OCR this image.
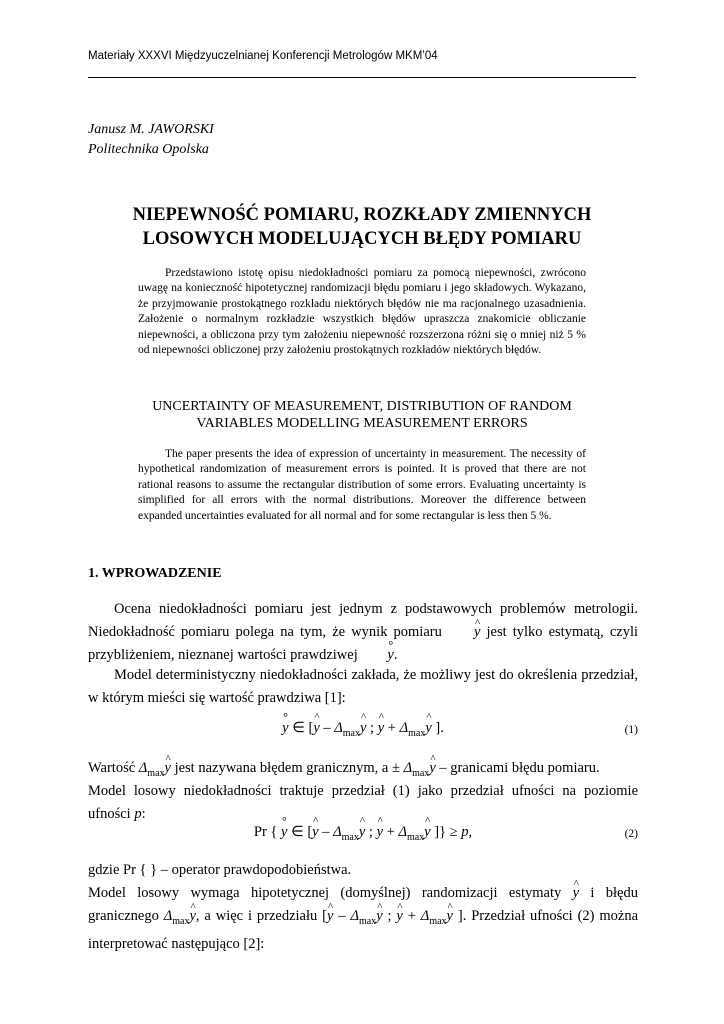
Materiały XXXVI Międzyuczelnianej Konferencji Metrologów MKM’04
Janusz M. JAWORSKI
Politechnika Opolska
NIEPEWNOŚĆ POMIARU, ROZKŁADY ZMIENNYCH
LOSOWYCH MODELUJĄCYCH BŁĘDY POMIARU
Przedstawiono istotę opisu niedokładności pomiaru za pomocą niepewności, zwrócono uwagę na konieczność hipotetycznej randomizacji błędu pomiaru i jego składowych. Wykazano, że przyjmowanie prostokątnego rozkładu niektórych błędów nie ma racjonalnego uzasadnienia. Założenie o normalnym rozkładzie wszystkich błędów upraszcza znakomicie obliczanie niepewności, a obliczona przy tym założeniu niepewność rozszerzona różni się o mniej niż 5 % od niepewności obliczonej przy założeniu prostokątnych rozkładów niektórych błędów.
UNCERTAINTY OF MEASUREMENT, DISTRIBUTION OF RANDOM
VARIABLES MODELLING MEASUREMENT ERRORS
The paper presents the idea of expression of uncertainty in measurement. The necessity of hypothetical randomization of measurement errors is pointed. It is proved that there are not rational reasons to assume the rectangular distribution of some errors. Evaluating uncertainty is simplified for all errors with the normal distributions. Moreover the difference between expanded uncertainties evaluated for all normal and for some rectangular is less then 5 %.
1. WPROWADZENIE
Ocena niedokładności pomiaru jest jednym z podstawowych problemów metrologii. Niedokładność pomiaru polega na tym, że wynik pomiaru ^ y jest tylko estymatą, czyli przybliżeniem, nieznanej wartości prawdziwej ° y.
Model deterministyczny niedokładności zakłada, że możliwy jest do określenia przedział, w którym mieści się wartość prawdziwa [1]:
° y ∈ [^ y – $\Delta_{max}\^{}$ y ; ^ $y + \Delta_{max}\^{}$ y ].	(1)
Wartość $\Delta_{max}\^{}$ y jest nazywana błędem granicznym, $a \pm \Delta_{max}\^{}$ y – granicami błędu pomiaru.
Model losowy niedokładności traktuje przedział (1) jako przedział ufności na poziomie ufności p:
Pr { ° y ∈ [^ y – $\Delta_{max}\^{}$ y ; ^ $y + \Delta_{max}\^{}$ y ]} ≥ p,	(2)
gdzie Pr { } – operator prawdopodobieństwa.
Model losowy wymaga hipotetycznej (domyślnej) randomizacji estymaty ^ y i błędu granicznego $\Delta_{max}\^{}$ y, a więc i przedziału [^ y – $\Delta_{max}\^{}$ y ; ^ $y + \Delta_{max}\^{}$ y ]. Przedział ufności (2) można interpretować następująco [2]:
